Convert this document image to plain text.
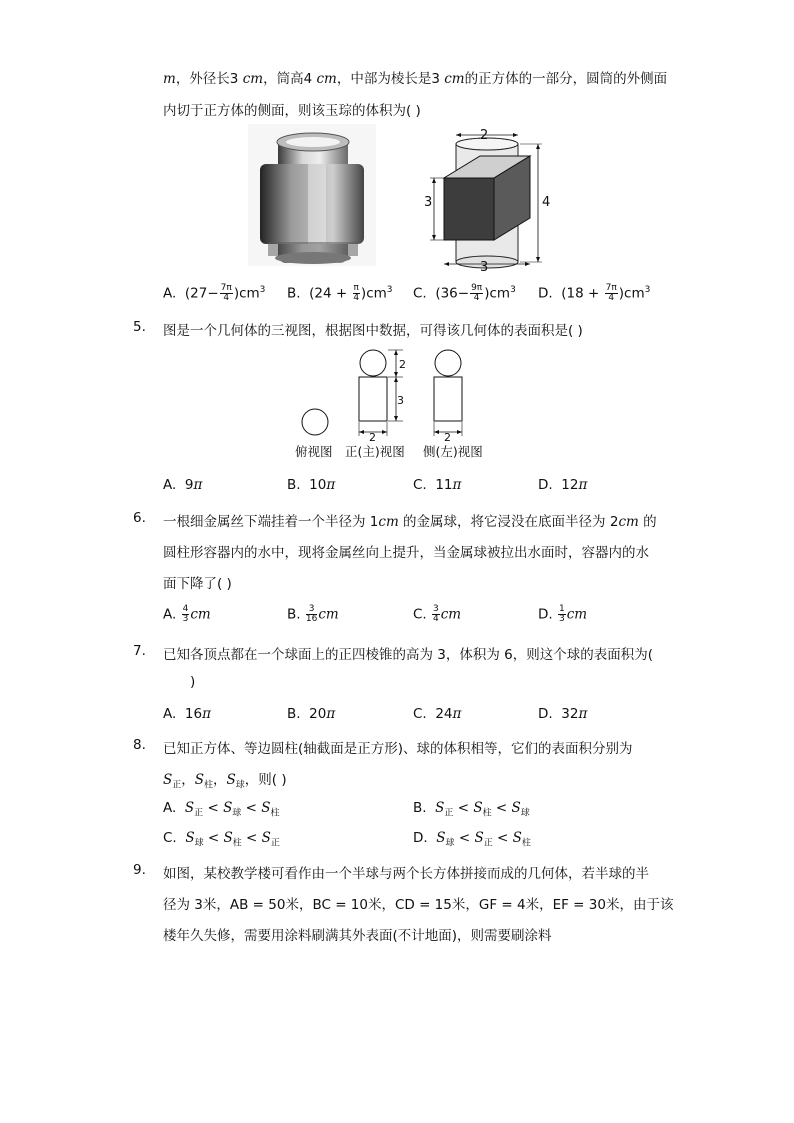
m，外径长3 cm，筒高4 cm，中部为棱长是3 cm的正方体的一部分，圆筒的外侧面
内切于正方体的侧面，则该玉琮的体积为( )
2
3	4
3
A. $(27- \frac{7\pi}{4} )cm^3$ B. $(24 + \frac{\pi}{4} )cm^3$ C. $(36- \frac{9\pi}{4} )cm^3$ D. $(18 + \frac{7\pi}{4} )cm^3$
5. 图是一个几何体的三视图，根据图中数据，可得该几何体的表面积是( )
2
3
2	2
俯视图 正(主)视图 侧(左)视图
A. 9π	B. 10π	C. 11π	D. 12π
6. 一根细金属丝下端挂着一个半径为 1cm 的金属球，将它浸没在底面半径为 2cm 的
圆柱形容器内的水中，现将金属丝向上提升，当金属球被拉出水面时，容器内的水
面下降了( )
A. $\frac{4}{3}$ cm	B. $\frac{3}{16}$ cm	C. $\frac{3}{4}$ cm	D. $\frac{1}{3}$ cm
7. 已知各顶点都在一个球面上的正四棱锥的高为 3，体积为 6，则这个球的表面积为(
)
A. 16π	B. 20π	C. 24π	D. 32π
8. 已知正方体、等边圆柱(轴截面是正方形)、球的体积相等，它们的表面积分别为
$S_正$，$S_柱$，$S_球$，则( )
A. $S_正 < S_球 < S_柱$	B. $S_正 < S_柱 < S_球$
C. $S_球 < S_柱 < S_正$	D. $S_球 < S_正 < S_柱$
9. 如图，某校教学楼可看作由一个半球与两个长方体拼接而成的几何体，若半球的半
径为 3米，AB = 50米，BC = 10米，CD = 15米，GF = 4米，EF = 30米，由于该
楼年久失修，需要用涂料刷满其外表面(不计地面)，则需要刷涂料
